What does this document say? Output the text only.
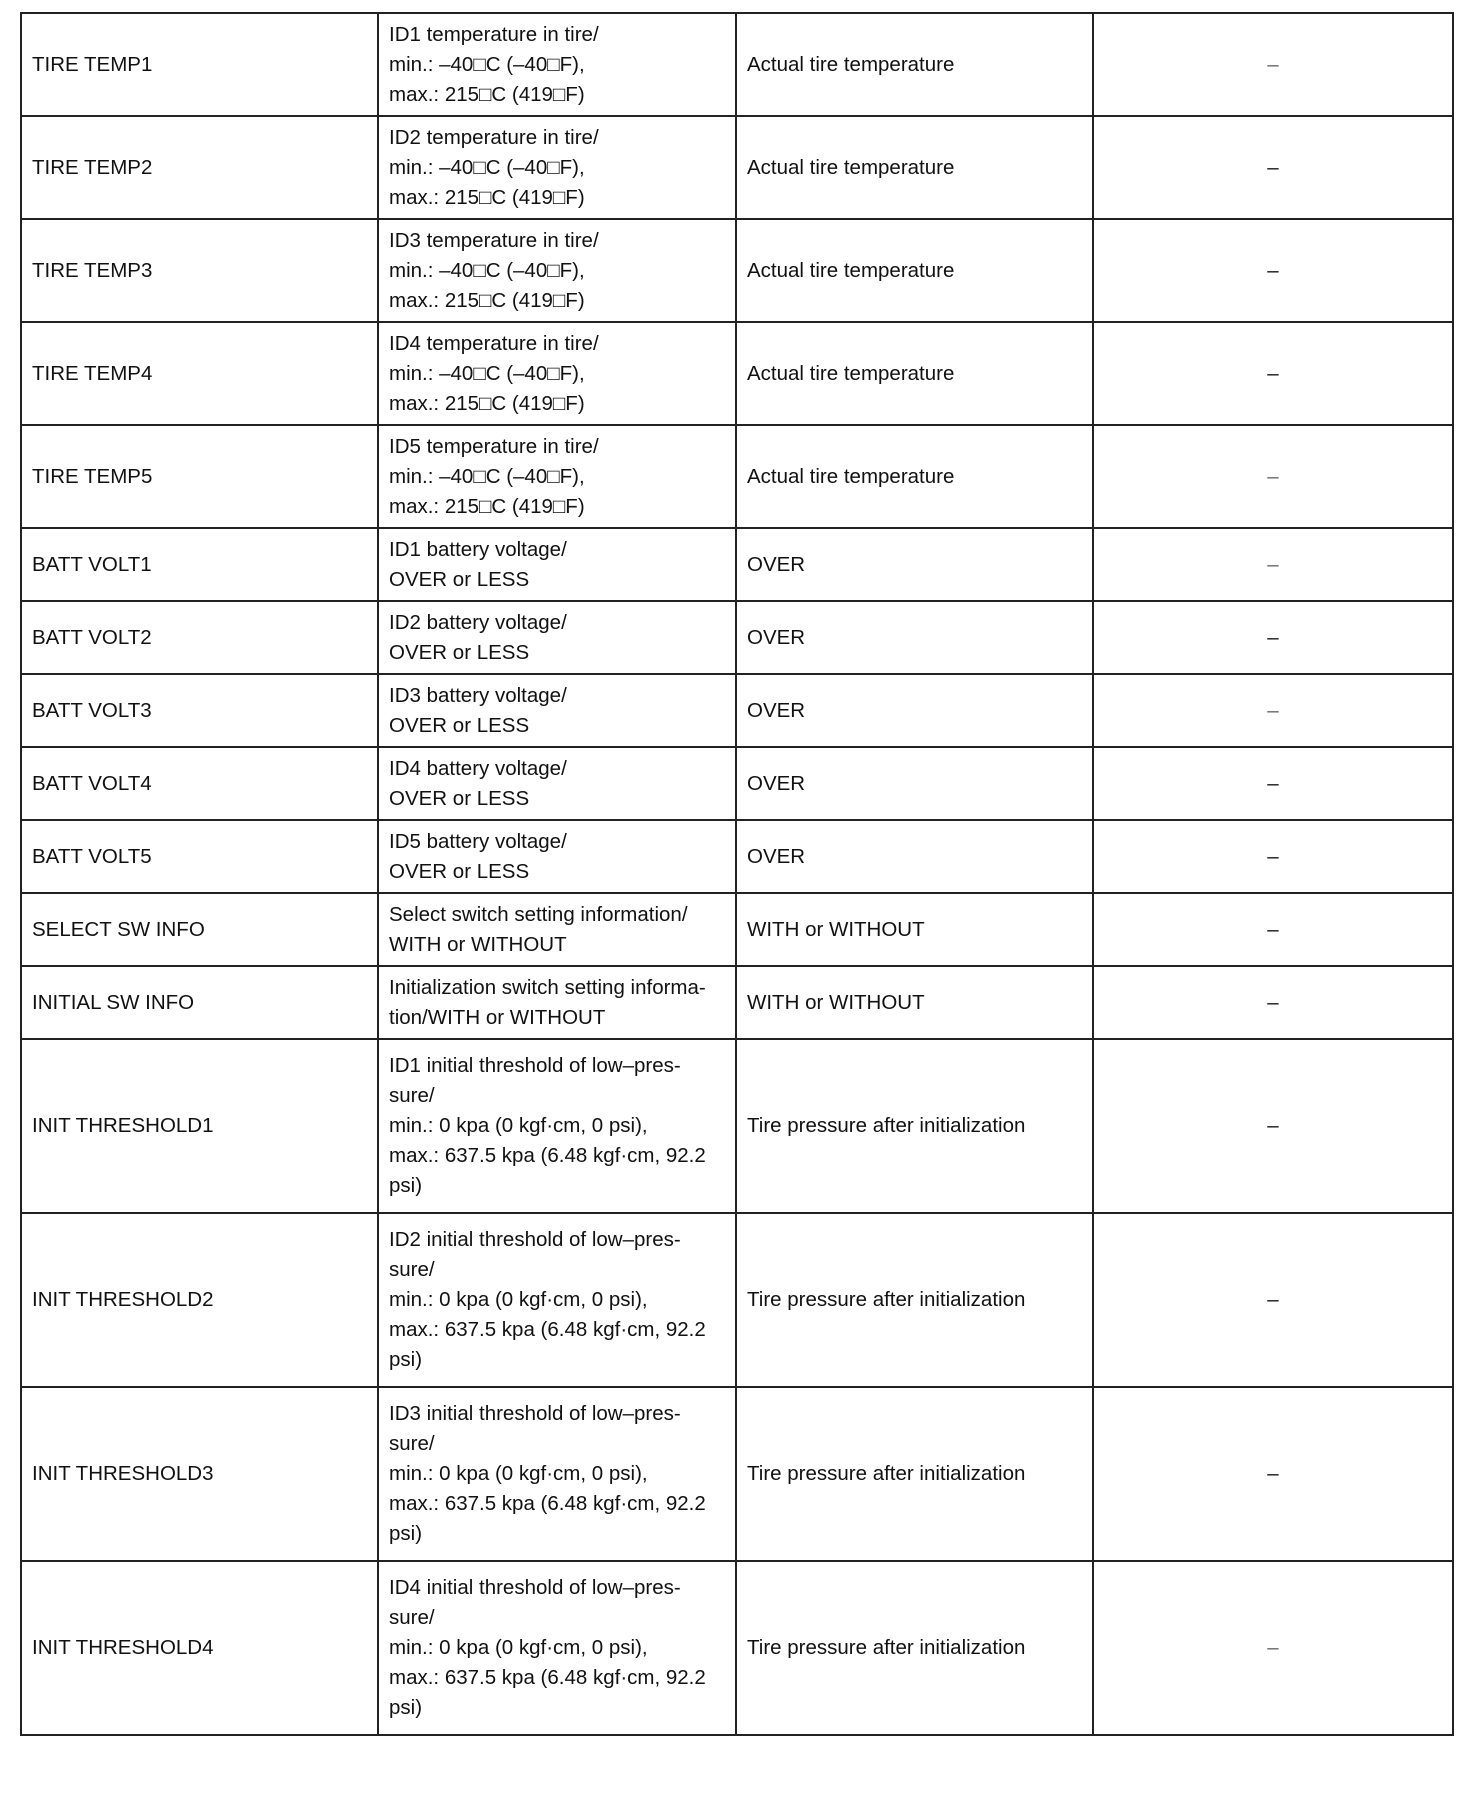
TIRE TEMP1	ID1 temperature in tire/
min.: –40□C (–40□F),
max.: 215□C (419□F)	Actual tire temperature	–
TIRE TEMP2	ID2 temperature in tire/
min.: –40□C (–40□F),
max.: 215□C (419□F)	Actual tire temperature	–
TIRE TEMP3	ID3 temperature in tire/
min.: –40□C (–40□F),
max.: 215□C (419□F)	Actual tire temperature	–
TIRE TEMP4	ID4 temperature in tire/
min.: –40□C (–40□F),
max.: 215□C (419□F)	Actual tire temperature	–
TIRE TEMP5	ID5 temperature in tire/
min.: –40□C (–40□F),
max.: 215□C (419□F)	Actual tire temperature	–
BATT VOLT1	ID1 battery voltage/
OVER or LESS	OVER	–
BATT VOLT2	ID2 battery voltage/
OVER or LESS	OVER	–
BATT VOLT3	ID3 battery voltage/
OVER or LESS	OVER	–
BATT VOLT4	ID4 battery voltage/
OVER or LESS	OVER	–
BATT VOLT5	ID5 battery voltage/
OVER or LESS	OVER	–
SELECT SW INFO	Select switch setting information/
WITH or WITHOUT	WITH or WITHOUT	–
INITIAL SW INFO	Initialization switch setting informa-
tion/WITH or WITHOUT	WITH or WITHOUT	–
INIT THRESHOLD1	ID1 initial threshold of low–pres-
sure/
min.: 0 kpa (0 kgf·cm, 0 psi),
max.: 637.5 kpa (6.48 kgf·cm, 92.2
psi)	Tire pressure after initialization	–
INIT THRESHOLD2	ID2 initial threshold of low–pres-
sure/
min.: 0 kpa (0 kgf·cm, 0 psi),
max.: 637.5 kpa (6.48 kgf·cm, 92.2
psi)	Tire pressure after initialization	–
INIT THRESHOLD3	ID3 initial threshold of low–pres-
sure/
min.: 0 kpa (0 kgf·cm, 0 psi),
max.: 637.5 kpa (6.48 kgf·cm, 92.2
psi)	Tire pressure after initialization	–
INIT THRESHOLD4	ID4 initial threshold of low–pres-
sure/
min.: 0 kpa (0 kgf·cm, 0 psi),
max.: 637.5 kpa (6.48 kgf·cm, 92.2
psi)	Tire pressure after initialization	–
